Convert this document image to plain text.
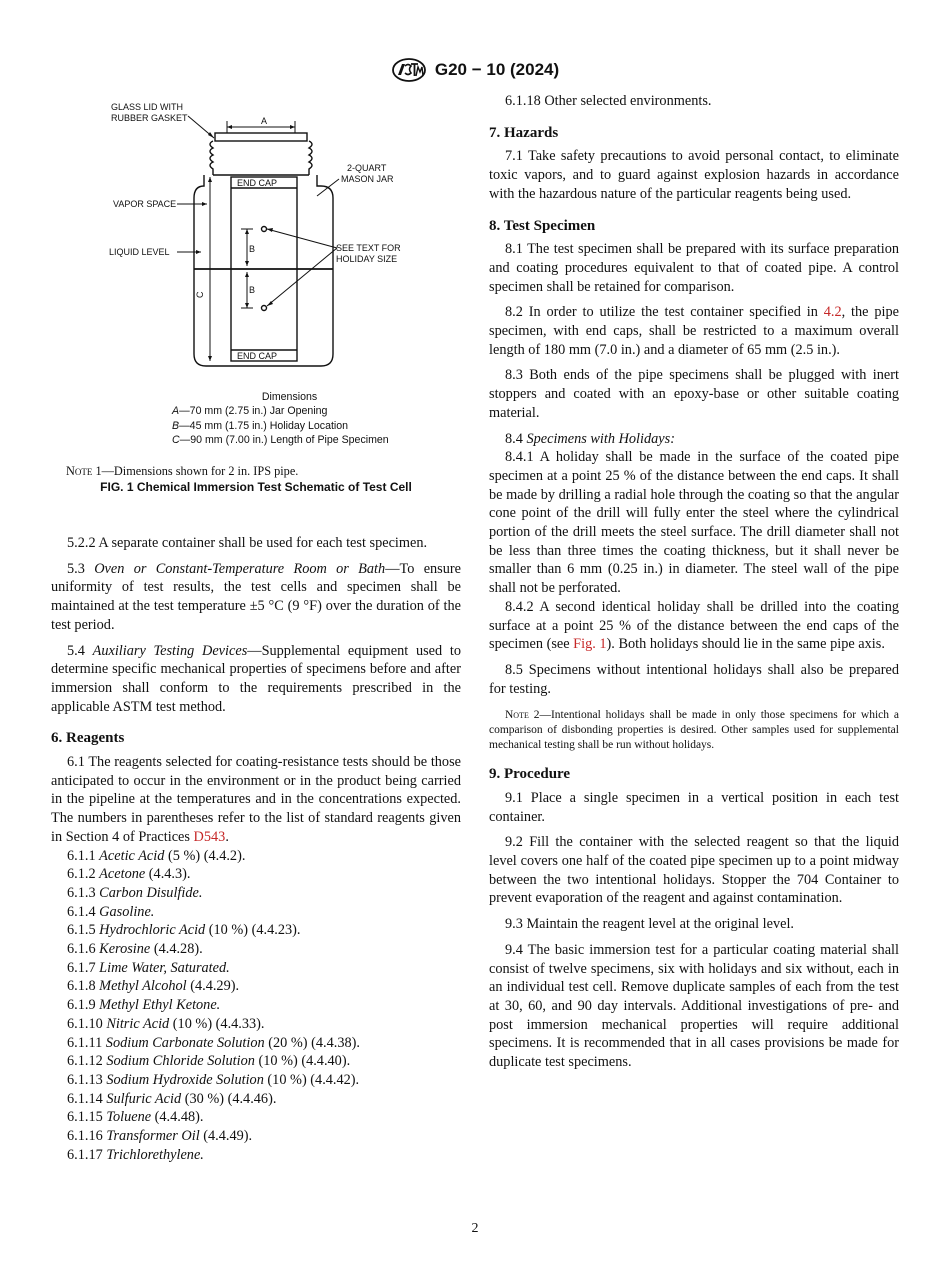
G20 − 10 (2024)
GLASS LID WITH
RUBBER GASKET	A
2-QUART
MASON JAR
END CAP
VAPOR SPACE
LIQUID LEVEL	B
B
SEE TEXT FOR
HOLIDAY SIZE
C
END CAP
Dimensions
A—70 mm (2.75 in.) Jar Opening
B—45 mm (1.75 in.) Holiday Location
C—90 mm (7.00 in.) Length of Pipe Specimen
Note 1—Dimensions shown for 2 in. IPS pipe.
FIG. 1 Chemical Immersion Test Schematic of Test Cell

5.2.2 A separate container shall be used for each test specimen.

5.3 Oven or Constant-Temperature Room or Bath—To ensure uniformity of test results, the test cells and specimen shall be maintained at the test temperature ±5 °C (9 °F) over the duration of the test period.

5.4 Auxiliary Testing Devices—Supplemental equipment used to determine specific mechanical properties of specimens before and after immersion shall conform to the requirements prescribed in the applicable ASTM test method.

6. Reagents

6.1 The reagents selected for coating-resistance tests should be those anticipated to occur in the environment or in the product being carried in the pipeline at the temperatures and in the concentrations expected. The numbers in parentheses refer to the list of standard reagents given in Section 4 of Practices D543.

6.1.1 Acetic Acid (5 %) (4.4.2).

6.1.2 Acetone (4.4.3).

6.1.3 Carbon Disulfide.

6.1.4 Gasoline.

6.1.5 Hydrochloric Acid (10 %) (4.4.23).

6.1.6 Kerosine (4.4.28).

6.1.7 Lime Water, Saturated.

6.1.8 Methyl Alcohol (4.4.29).

6.1.9 Methyl Ethyl Ketone.

6.1.10 Nitric Acid (10 %) (4.4.33).

6.1.11 Sodium Carbonate Solution (20 %) (4.4.38).

6.1.12 Sodium Chloride Solution (10 %) (4.4.40).

6.1.13 Sodium Hydroxide Solution (10 %) (4.4.42).

6.1.14 Sulfuric Acid (30 %) (4.4.46).

6.1.15 Toluene (4.4.48).

6.1.16 Transformer Oil (4.4.49).

6.1.17 Trichlorethylene.

6.1.18 Other selected environments.

7. Hazards

7.1 Take safety precautions to avoid personal contact, to eliminate toxic vapors, and to guard against explosion hazards in accordance with the hazardous nature of the particular reagents being used.

8. Test Specimen

8.1 The test specimen shall be prepared with its surface preparation and coating procedures equivalent to that of coated pipe. A control specimen shall be retained for comparison.

8.2 In order to utilize the test container specified in 4.2, the pipe specimen, with end caps, shall be restricted to a maximum overall length of 180 mm (7.0 in.) and a diameter of 65 mm (2.5 in.).

8.3 Both ends of the pipe specimens shall be plugged with inert stoppers and coated with an epoxy-base or other suitable coating material.

8.4 Specimens with Holidays:

8.4.1 A holiday shall be made in the surface of the coated pipe specimen at a point 25 % of the distance between the end caps. It shall be made by drilling a radial hole through the coating so that the angular cone point of the drill will fully enter the steel where the cylindrical portion of the drill meets the steel surface. The drill diameter shall not be less than three times the coating thickness, but it shall never be smaller than 6 mm (0.25 in.) in diameter. The steel wall of the pipe shall not be perforated.

8.4.2 A second identical holiday shall be drilled into the coating surface at a point 25 % of the distance between the end caps of the specimen (see Fig. 1). Both holidays should lie in the same pipe axis.

8.5 Specimens without intentional holidays shall also be prepared for testing.

Note 2—Intentional holidays shall be made in only those specimens for which a comparison of disbonding properties is desired. Other samples used for supplemental mechanical testing shall be run without holidays.

9. Procedure

9.1 Place a single specimen in a vertical position in each test container.

9.2 Fill the container with the selected reagent so that the liquid level covers one half of the coated pipe specimen up to a point midway between the two intentional holidays. Stopper the 704 Container to prevent evaporation of the reagent and against contamination.

9.3 Maintain the reagent level at the original level.

9.4 The basic immersion test for a particular coating material shall consist of twelve specimens, six with holidays and six without, each in an individual test cell. Remove duplicate samples of each from the test at 30, 60, and 90 day intervals. Additional investigations of pre- and post immersion mechanical properties will require additional specimens. It is recommended that in all cases provisions be made for duplicate test specimens.

2
